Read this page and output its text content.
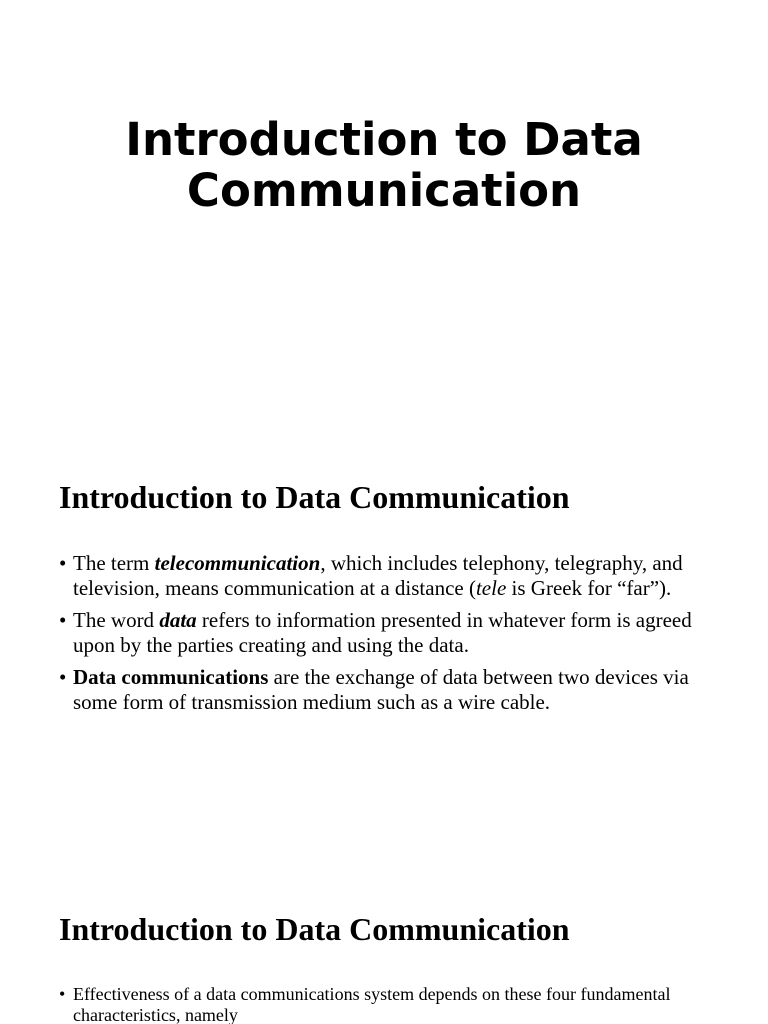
Introduction to Data Communication
Introduction to Data Communication
• The term telecommunication, which includes telephony, telegraphy, and television, means communication at a distance (tele is Greek for “far”).
• The word data refers to information presented in whatever form is agreed upon by the parties creating and using the data.
• Data communications are the exchange of data between two devices via some form of transmission medium such as a wire cable.
Introduction to Data Communication
• Effectiveness of a data communications system depends on these four fundamental characteristics, namely
